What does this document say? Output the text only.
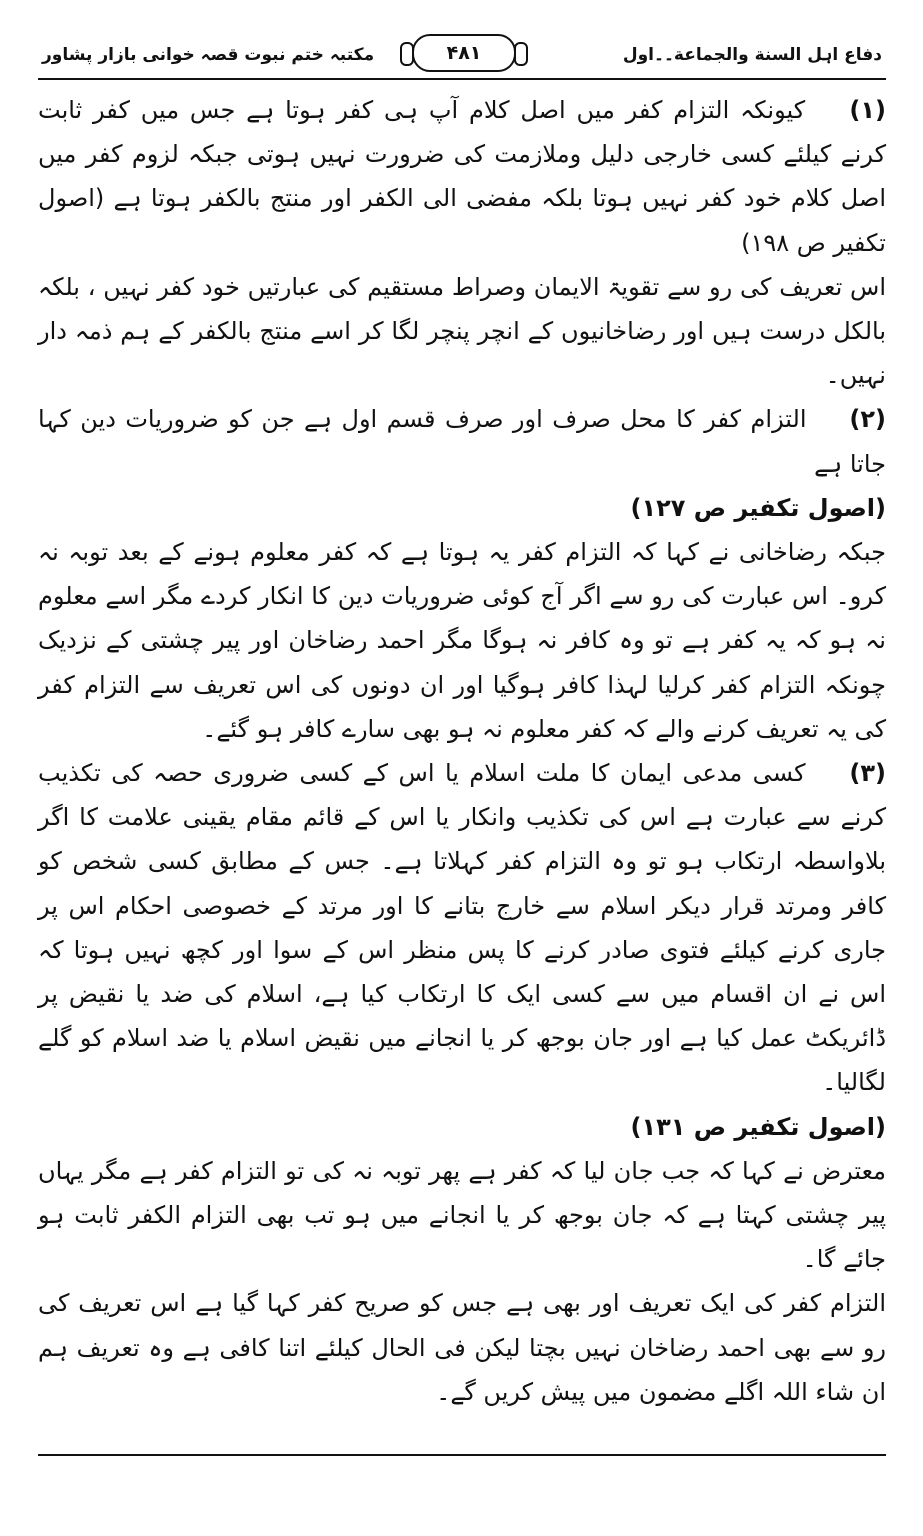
دفاع اہل السنة والجماعة۔۔اول
۴۸۱
مکتبہ ختم نبوت قصہ خوانی بازار پشاور

(۱) کیونکہ التزام کفر میں اصل کلام آپ ہی کفر ہوتا ہے جس میں کفر ثابت کرنے کیلئے کسی خارجی دلیل وملازمت کی ضرورت نہیں ہوتی جبکہ لزوم کفر میں اصل کلام خود کفر نہیں ہوتا بلکہ مفضی الی الکفر اور منتج بالکفر ہوتا ہے (اصول تکفیر ص ۱۹۸)

اس تعریف کی رو سے تقویۃ الایمان وصراط مستقیم کی عبارتیں خود کفر نہیں ، بلکہ بالکل درست ہیں اور رضاخانیوں کے انچر پنچر لگا کر اسے منتج بالکفر کے ہم ذمہ دار نہیں۔

(۲) التزام کفر کا محل صرف اور صرف قسم اول ہے جن کو ضروریات دین کہا جاتا ہے

(اصول تکفیر ص ۱۲۷)

جبکہ رضاخانی نے کہا کہ التزام کفر یہ ہوتا ہے کہ کفر معلوم ہونے کے بعد توبہ نہ کرو۔ اس عبارت کی رو سے اگر آج کوئی ضروریات دین کا انکار کردے مگر اسے معلوم نہ ہو کہ یہ کفر ہے تو وہ کافر نہ ہوگا مگر احمد رضاخان اور پیر چشتی کے نزدیک چونکہ التزام کفر کرلیا لہذا کافر ہوگیا اور ان دونوں کی اس تعریف سے التزام کفر کی یہ تعریف کرنے والے کہ کفر معلوم نہ ہو بھی سارے کافر ہو گئے۔

(۳) کسی مدعی ایمان کا ملت اسلام یا اس کے کسی ضروری حصہ کی تکذیب کرنے سے عبارت ہے اس کی تکذیب وانکار یا اس کے قائم مقام یقینی علامت کا اگر بلاواسطہ ارتکاب ہو تو وہ التزام کفر کہلاتا ہے۔ جس کے مطابق کسی شخص کو کافر ومرتد قرار دیکر اسلام سے خارج بتانے کا اور مرتد کے خصوصی احکام اس پر جاری کرنے کیلئے فتوی صادر کرنے کا پس منظر اس کے سوا اور کچھ نہیں ہوتا کہ اس نے ان اقسام میں سے کسی ایک کا ارتکاب کیا ہے، اسلام کی ضد یا نقیض پر ڈائریکٹ عمل کیا ہے اور جان بوجھ کر یا انجانے میں نقیض اسلام یا ضد اسلام کو گلے لگالیا۔

(اصول تکفیر ص ۱۳۱)

معترض نے کہا کہ جب جان لیا کہ کفر ہے پھر توبہ نہ کی تو التزام کفر ہے مگر یہاں پیر چشتی کہتا ہے کہ جان بوجھ کر یا انجانے میں ہو تب بھی التزام الکفر ثابت ہو جائے گا۔

التزام کفر کی ایک تعریف اور بھی ہے جس کو صریح کفر کہا گیا ہے اس تعریف کی رو سے بھی احمد رضاخان نہیں بچتا لیکن فی الحال کیلئے اتنا کافی ہے وہ تعریف ہم ان شاء اللہ اگلے مضمون میں پیش کریں گے۔
